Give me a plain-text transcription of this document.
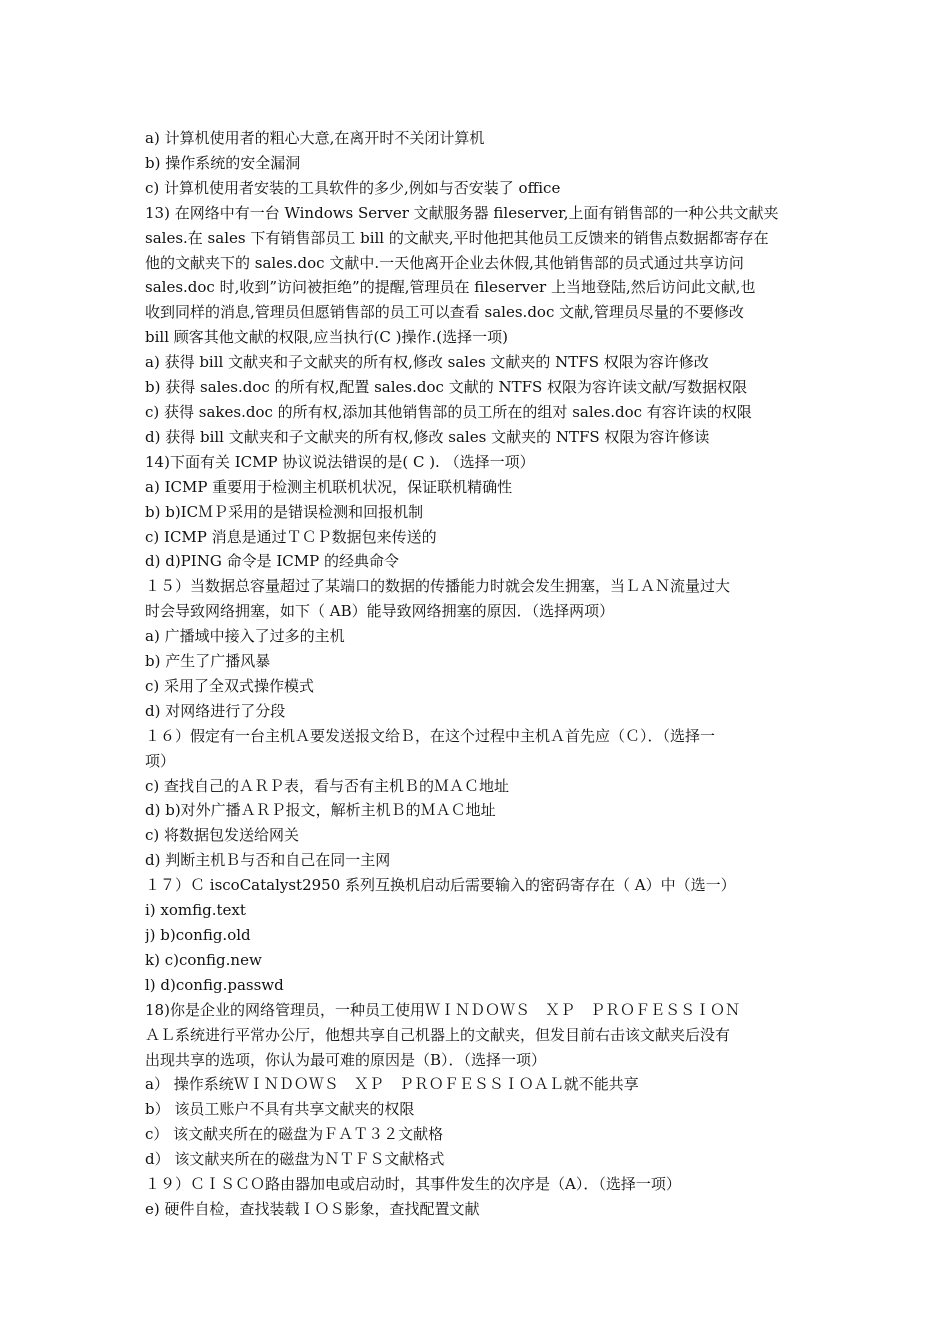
a) 计算机使用者的粗心大意,在离开时不关闭计算机

b) 操作系统的安全漏洞

c) 计算机使用者安装的工具软件的多少,例如与否安装了 office

13) 在网络中有一台 Windows Server 文献服务器 fileserver,上面有销售部的一种公共文献夹

sales.在 sales 下有销售部员工 bill 的文献夹,平时他把其他员工反馈来的销售点数据都寄存在

他的文献夹下的 sales.doc 文献中.一天他离开企业去休假,其他销售部的员式通过共享访问

sales.doc 时,收到”访问被拒绝”的提醒,管理员在 fileserver 上当地登陆,然后访问此文献,也

收到同样的消息,管理员但愿销售部的员工可以查看 sales.doc 文献,管理员尽量的不要修改

bill 顾客其他文献的权限,应当执行(C )操作.(选择一项)

a) 获得 bill 文献夹和子文献夹的所有权,修改 sales 文献夹的 NTFS 权限为容许修改

b) 获得 sales.doc 的所有权,配置 sales.doc 文献的 NTFS 权限为容许读文献/写数据权限

c) 获得 sakes.doc 的所有权,添加其他销售部的员工所在的组对 sales.doc 有容许读的权限

d) 获得 bill 文献夹和子文献夹的所有权,修改 sales 文献夹的 NTFS 权限为容许修读

14)下面有关 ICMP 协议说法错误的是( C ). （选择一项）

a) ICMP 重要用于检测主机联机状况，保证联机精确性

b) b)ICＭＰ采用的是错误检测和回报机制

c) ICMP 消息是通过ＴＣＰ数据包来传送的

d) d)PING 命令是 ICMP 的经典命令

１５）当数据总容量超过了某端口的数据的传播能力时就会发生拥塞，当ＬＡＮ流量过大

时会导致网络拥塞，如下（ AB）能导致网络拥塞的原因．（选择两项）

a) 广播域中接入了过多的主机

b) 产生了广播风暴

c) 采用了全双式操作模式

d) 对网络进行了分段

１６）假定有一台主机Ａ要发送报文给Ｂ，在这个过程中主机Ａ首先应（Ｃ）．（选择一

项）

c) 查找自己的ＡＲＰ表，看与否有主机Ｂ的ＭＡＣ地址

d) b)对外广播ＡＲＰ报文，解析主机Ｂ的ＭＡＣ地址

c) 将数据包发送给网关

d) 判断主机Ｂ与否和自己在同一主网

１７）Ｃ iscoCatalyst2950 系列互换机启动后需要输入的密码寄存在（ A）中（选一）

i) xomfig.text

j) b)config.old

k) c)config.new

l) d)config.passwd

18)你是企业的网络管理员，一种员工使用ＷＩＮＤＯＷＳ　ＸＰ　ＰＲＯＦＥＳＳＩＯＮ

ＡＬ系统进行平常办公厅，他想共享自己机器上的文献夹，但发目前右击该文献夹后没有

出现共享的选项，你认为最可难的原因是（B）．（选择一项）

a） 操作系统ＷＩＮＤＯＷＳ　ＸＰ　ＰＲＯＦＥＳＳＩＯＡＬ就不能共享

b） 该员工账户不具有共享文献夹的权限

c） 该文献夹所在的磁盘为ＦＡＴ３２文献格

d） 该文献夹所在的磁盘为ＮＴＦＳ文献格式

１９）ＣＩＳＣＯ路由器加电或启动时，其事件发生的次序是（A）．（选择一项）

e) 硬件自检，查找装载ＩＯＳ影象，查找配置文献
